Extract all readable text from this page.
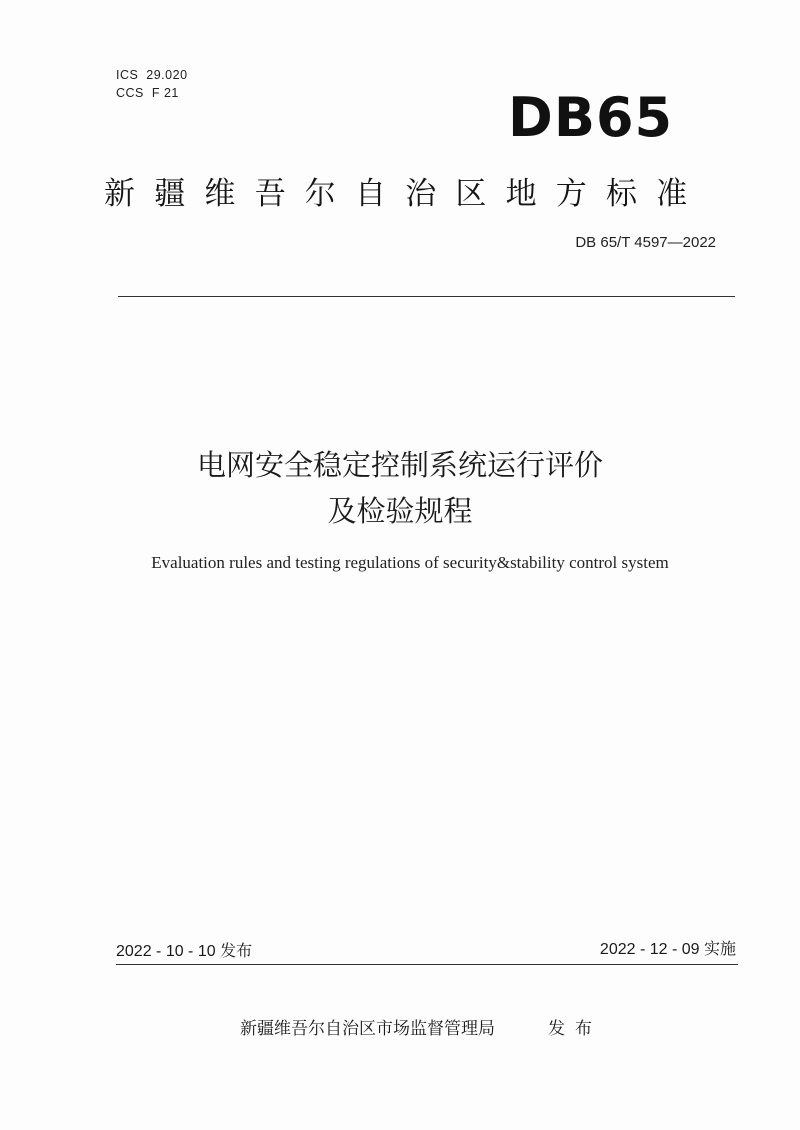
ICS  29.020
CCS  F 21	DB65
新疆维吾尔自治区地方标准
DB 65/T 4597—2022
电网安全稳定控制系统运行评价
及检验规程
Evaluation rules and testing regulations of security&stability control system
2022 - 10 - 10 发布	2022 - 12 - 09 实施
新疆维吾尔自治区市场监督管理局	发布
